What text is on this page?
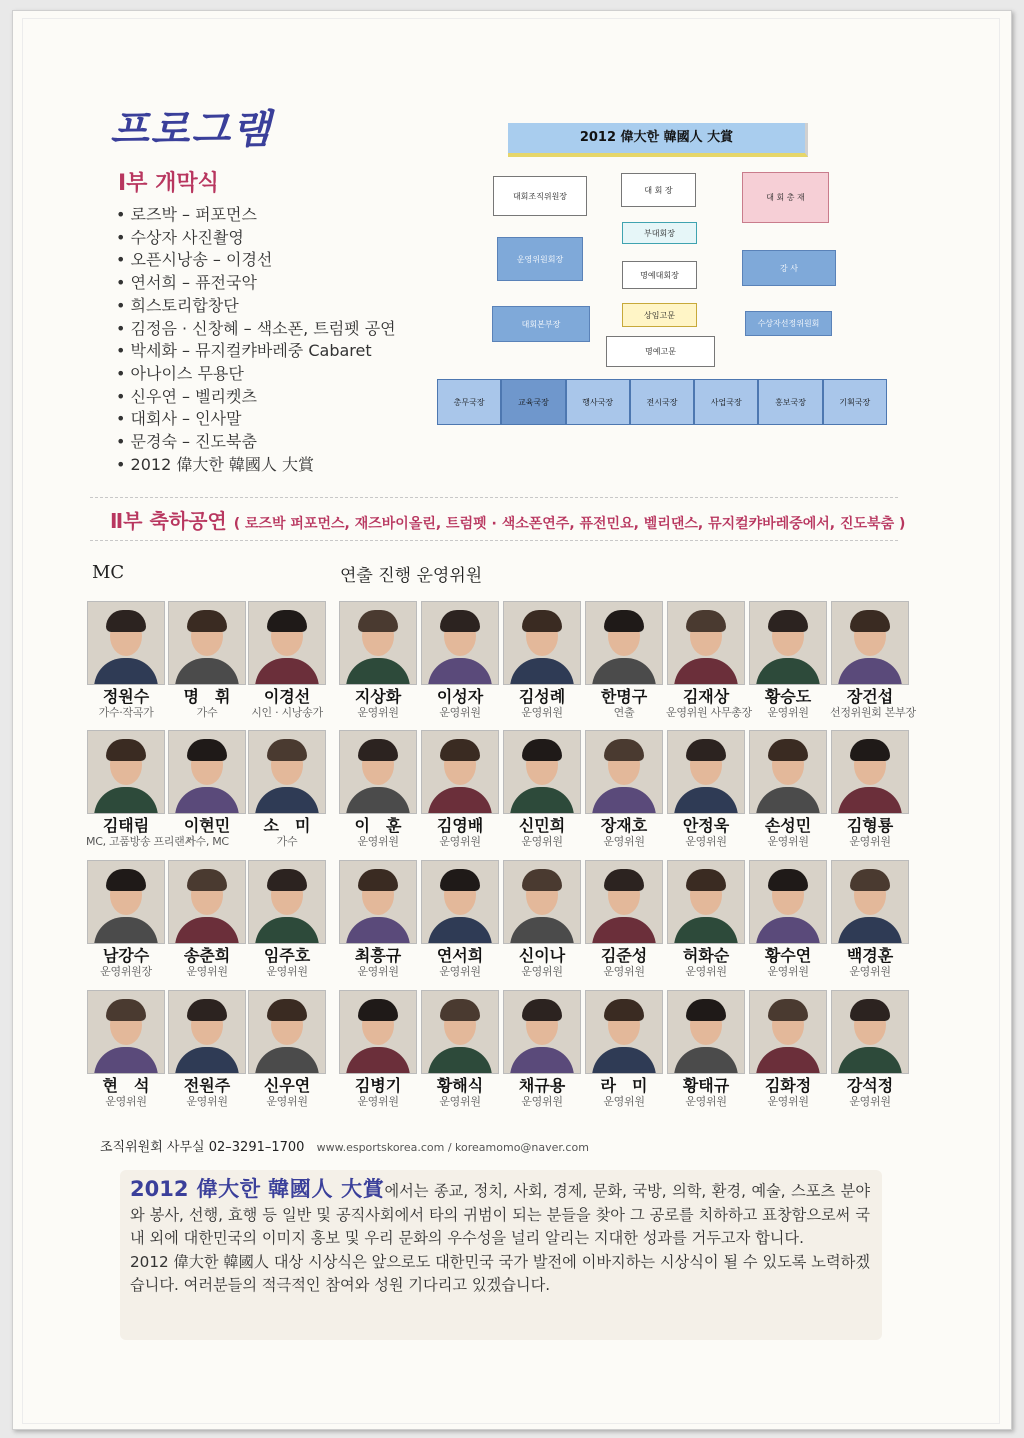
프로그램
Ⅰ부 개막식
• 로즈박 – 퍼포먼스
• 수상자 사진촬영
• 오픈시낭송 – 이경선
• 연서희 – 퓨전국악
• 희스토리합창단
• 김정음 · 신창혜 – 색소폰, 트럼펫 공연
• 박세화 – 뮤지컬캬바레중 Cabaret
• 아나이스 무용단
• 신우연 – 벨리켓츠
• 대회사 – 인사말
• 문경숙 – 진도북춤
• 2012 偉大한 韓國人 大賞
2012 偉大한 韓國人 大賞
대회조직위원장
대 회 장
대 회 총 재
부대회장
운영위원회장
명예대회장
강 사
대회본부장
상임고문
수상자선정위원회
명예고문
총무국장	교육국장	행사국장	전시국장	사업국장	홍보국장	기획국장
Ⅱ부 축하공연 ( 로즈박 퍼포먼스, 재즈바이올린, 트럼펫 · 색소폰연주, 퓨전민요, 벨리댄스, 뮤지컬캬바레중에서, 진도북춤 )
MC	연출 진행 운영위원
정원수
가수·작곡가
명　휘
가수
이경선
시인 · 시낭송가
지상화
운영위원
이성자
운영위원
김성례
운영위원
한명구
연출
김재상
운영위원 사무총장
황승도
운영위원
장건섭
선정위원회 본부장
김태림
MC, 고품방송 프리랜서
이현민
가수, MC
소　미
가수
이　훈
운영위원
김영배
운영위원
신민희
운영위원
장재호
운영위원
안정욱
운영위원
손성민
운영위원
김형룡
운영위원
남강수
운영위원장
송춘희
운영위원
임주호
운영위원
최흥규
운영위원
연서희
운영위원
신이나
운영위원
김준성
운영위원
허화순
운영위원
황수연
운영위원
백경훈
운영위원
현　석
운영위원
전원주
운영위원
신우연
운영위원
김병기
운영위원
황해식
운영위원
채규용
운영위원
라　미
운영위원
황태규
운영위원
김화정
운영위원
강석정
운영위원
조직위원회 사무실 02–3291–1700 www.esportskorea.com / koreamomo@naver.com
2012 偉大한 韓國人 大賞에서는 종교, 정치, 사회, 경제, 문화, 국방, 의학, 환경, 예술, 스포츠 분야와 봉사, 선행, 효행 등 일반 및 공직사회에서 타의 귀범이 되는 분들을 찾아 그 공로를 치하하고 표창함으로써 국내 외에 대한민국의 이미지 홍보 및 우리 문화의 우수성을 널리 알리는 지대한 성과를 거두고자 합니다.
2012 偉大한 韓國人 대상 시상식은 앞으로도 대한민국 국가 발전에 이바지하는 시상식이 될 수 있도록 노력하겠습니다. 여러분들의 적극적인 참여와 성원 기다리고 있겠습니다.
